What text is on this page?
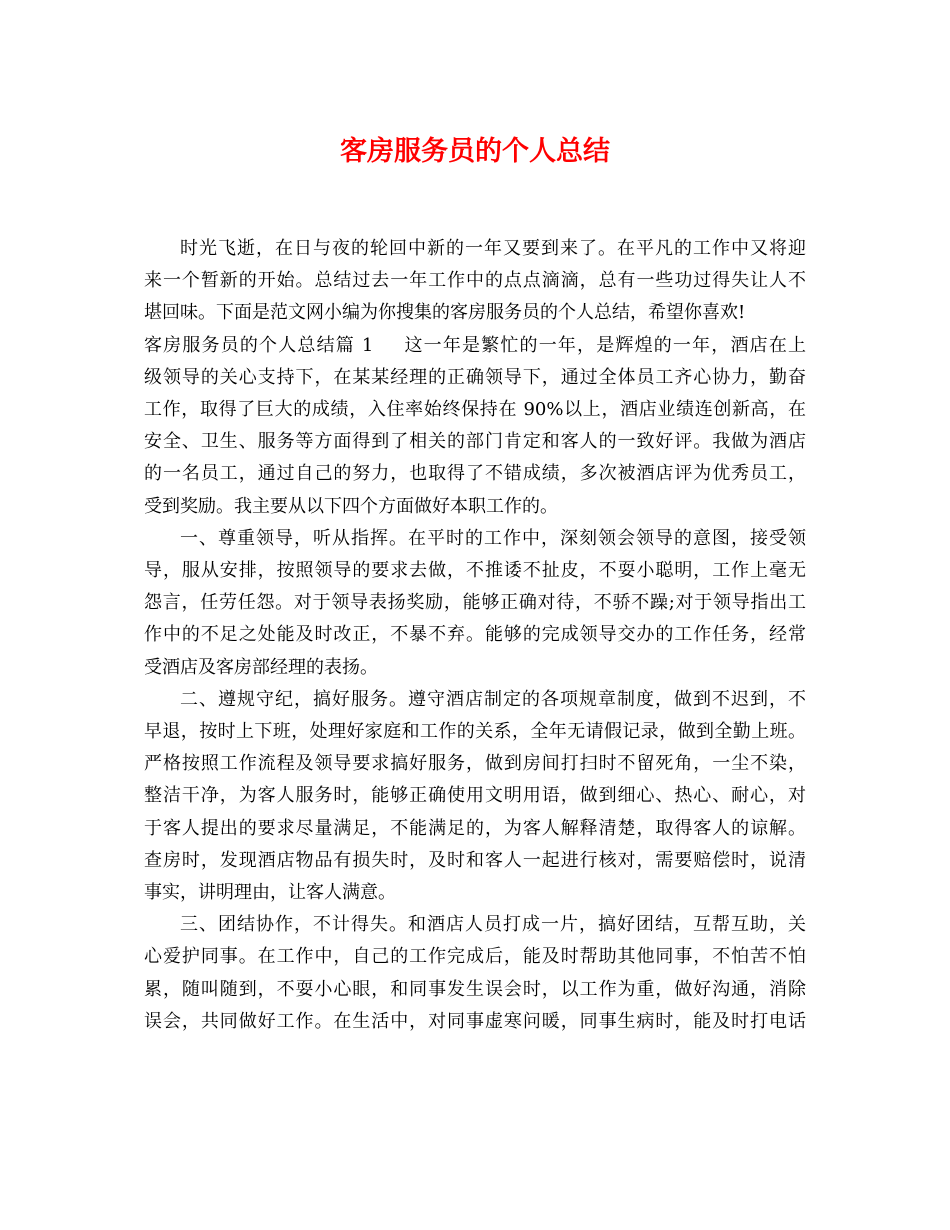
客房服务员的个人总结

时光飞逝，在日与夜的轮回中新的一年又要到来了。在平凡的工作中又将迎
来一个暂新的开始。总结过去一年工作中的点点滴滴，总有一些功过得失让人不
堪回味。下面是范文网小编为你搜集的客房服务员的个人总结，希望你喜欢!

客房服务员的个人总结篇 1 这一年是繁忙的一年，是辉煌的一年，酒店在上
级领导的关心支持下，在某某经理的正确领导下，通过全体员工齐心协力，勤奋
工作，取得了巨大的成绩，入住率始终保持在 90%以上，酒店业绩连创新高，在
安全、卫生、服务等方面得到了相关的部门肯定和客人的一致好评。我做为酒店
的一名员工，通过自己的努力，也取得了不错成绩，多次被酒店评为优秀员工，
受到奖励。我主要从以下四个方面做好本职工作的。

一、尊重领导，听从指挥。在平时的工作中，深刻领会领导的意图，接受领
导，服从安排，按照领导的要求去做，不推诿不扯皮，不耍小聪明，工作上毫无
怨言，任劳任怨。对于领导表扬奖励，能够正确对待，不骄不躁;对于领导指出工
作中的不足之处能及时改正，不暴不弃。能够的完成领导交办的工作任务，经常
受酒店及客房部经理的表扬。

二、遵规守纪，搞好服务。遵守酒店制定的各项规章制度，做到不迟到，不
早退，按时上下班，处理好家庭和工作的关系，全年无请假记录，做到全勤上班。
严格按照工作流程及领导要求搞好服务，做到房间打扫时不留死角，一尘不染，
整洁干净，为客人服务时，能够正确使用文明用语，做到细心、热心、耐心，对
于客人提出的要求尽量满足，不能满足的，为客人解释清楚，取得客人的谅解。
查房时，发现酒店物品有损失时，及时和客人一起进行核对，需要赔偿时，说清
事实，讲明理由，让客人满意。

三、团结协作，不计得失。和酒店人员打成一片，搞好团结，互帮互助，关
心爱护同事。在工作中，自己的工作完成后，能及时帮助其他同事，不怕苦不怕
累，随叫随到，不耍小心眼，和同事发生误会时，以工作为重，做好沟通，消除
误会，共同做好工作。在生活中，对同事虚寒问暖，同事生病时，能及时打电话
